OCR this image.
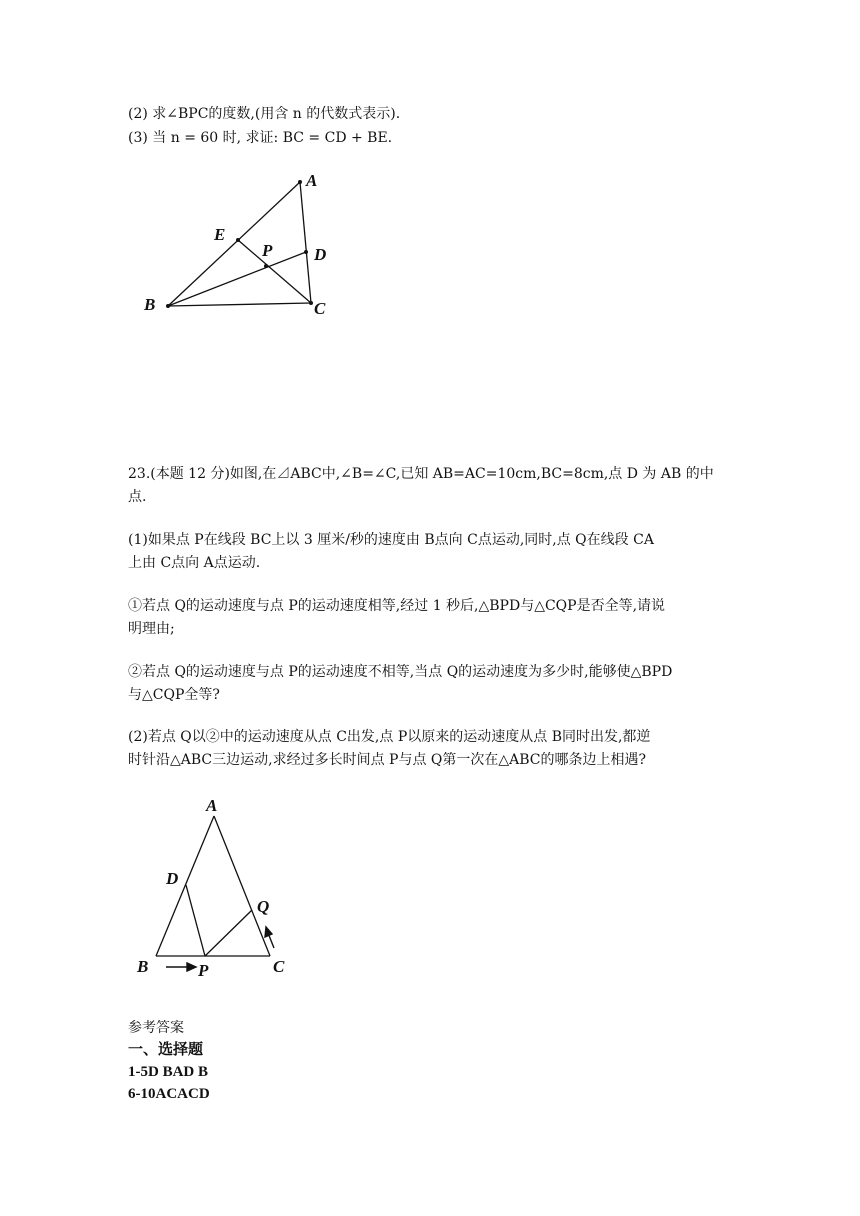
(2) 求∠BPC的度数,(用含 n 的代数式表示).
(3) 当 n = 60 时, 求证: BC = CD + BE.
A
E
P D
B	C
23.(本题 12 分)如图,在⊿ABC中,∠B=∠C,已知 AB=AC=10cm,BC=8cm,点 D 为 AB 的中
点.
(1)如果点 P在线段 BC上以 3 厘米/秒的速度由 B点向 C点运动,同时,点 Q在线段 CA
上由 C点向 A点运动.
①若点 Q的运动速度与点 P的运动速度相等,经过 1 秒后,△BPD与△CQP是否全等,请说
明理由;
②若点 Q的运动速度与点 P的运动速度不相等,当点 Q的运动速度为多少时,能够使△BPD
与△CQP全等?
(2)若点 Q以②中的运动速度从点 C出发,点 P以原来的运动速度从点 B同时出发,都逆
时针沿△ABC三边运动,求经过多长时间点 P与点 Q第一次在△ABC的哪条边上相遇?
A
D
Q
B	P	C
参考答案
一、选择题
1-5D BAD B
6-10ACACD
